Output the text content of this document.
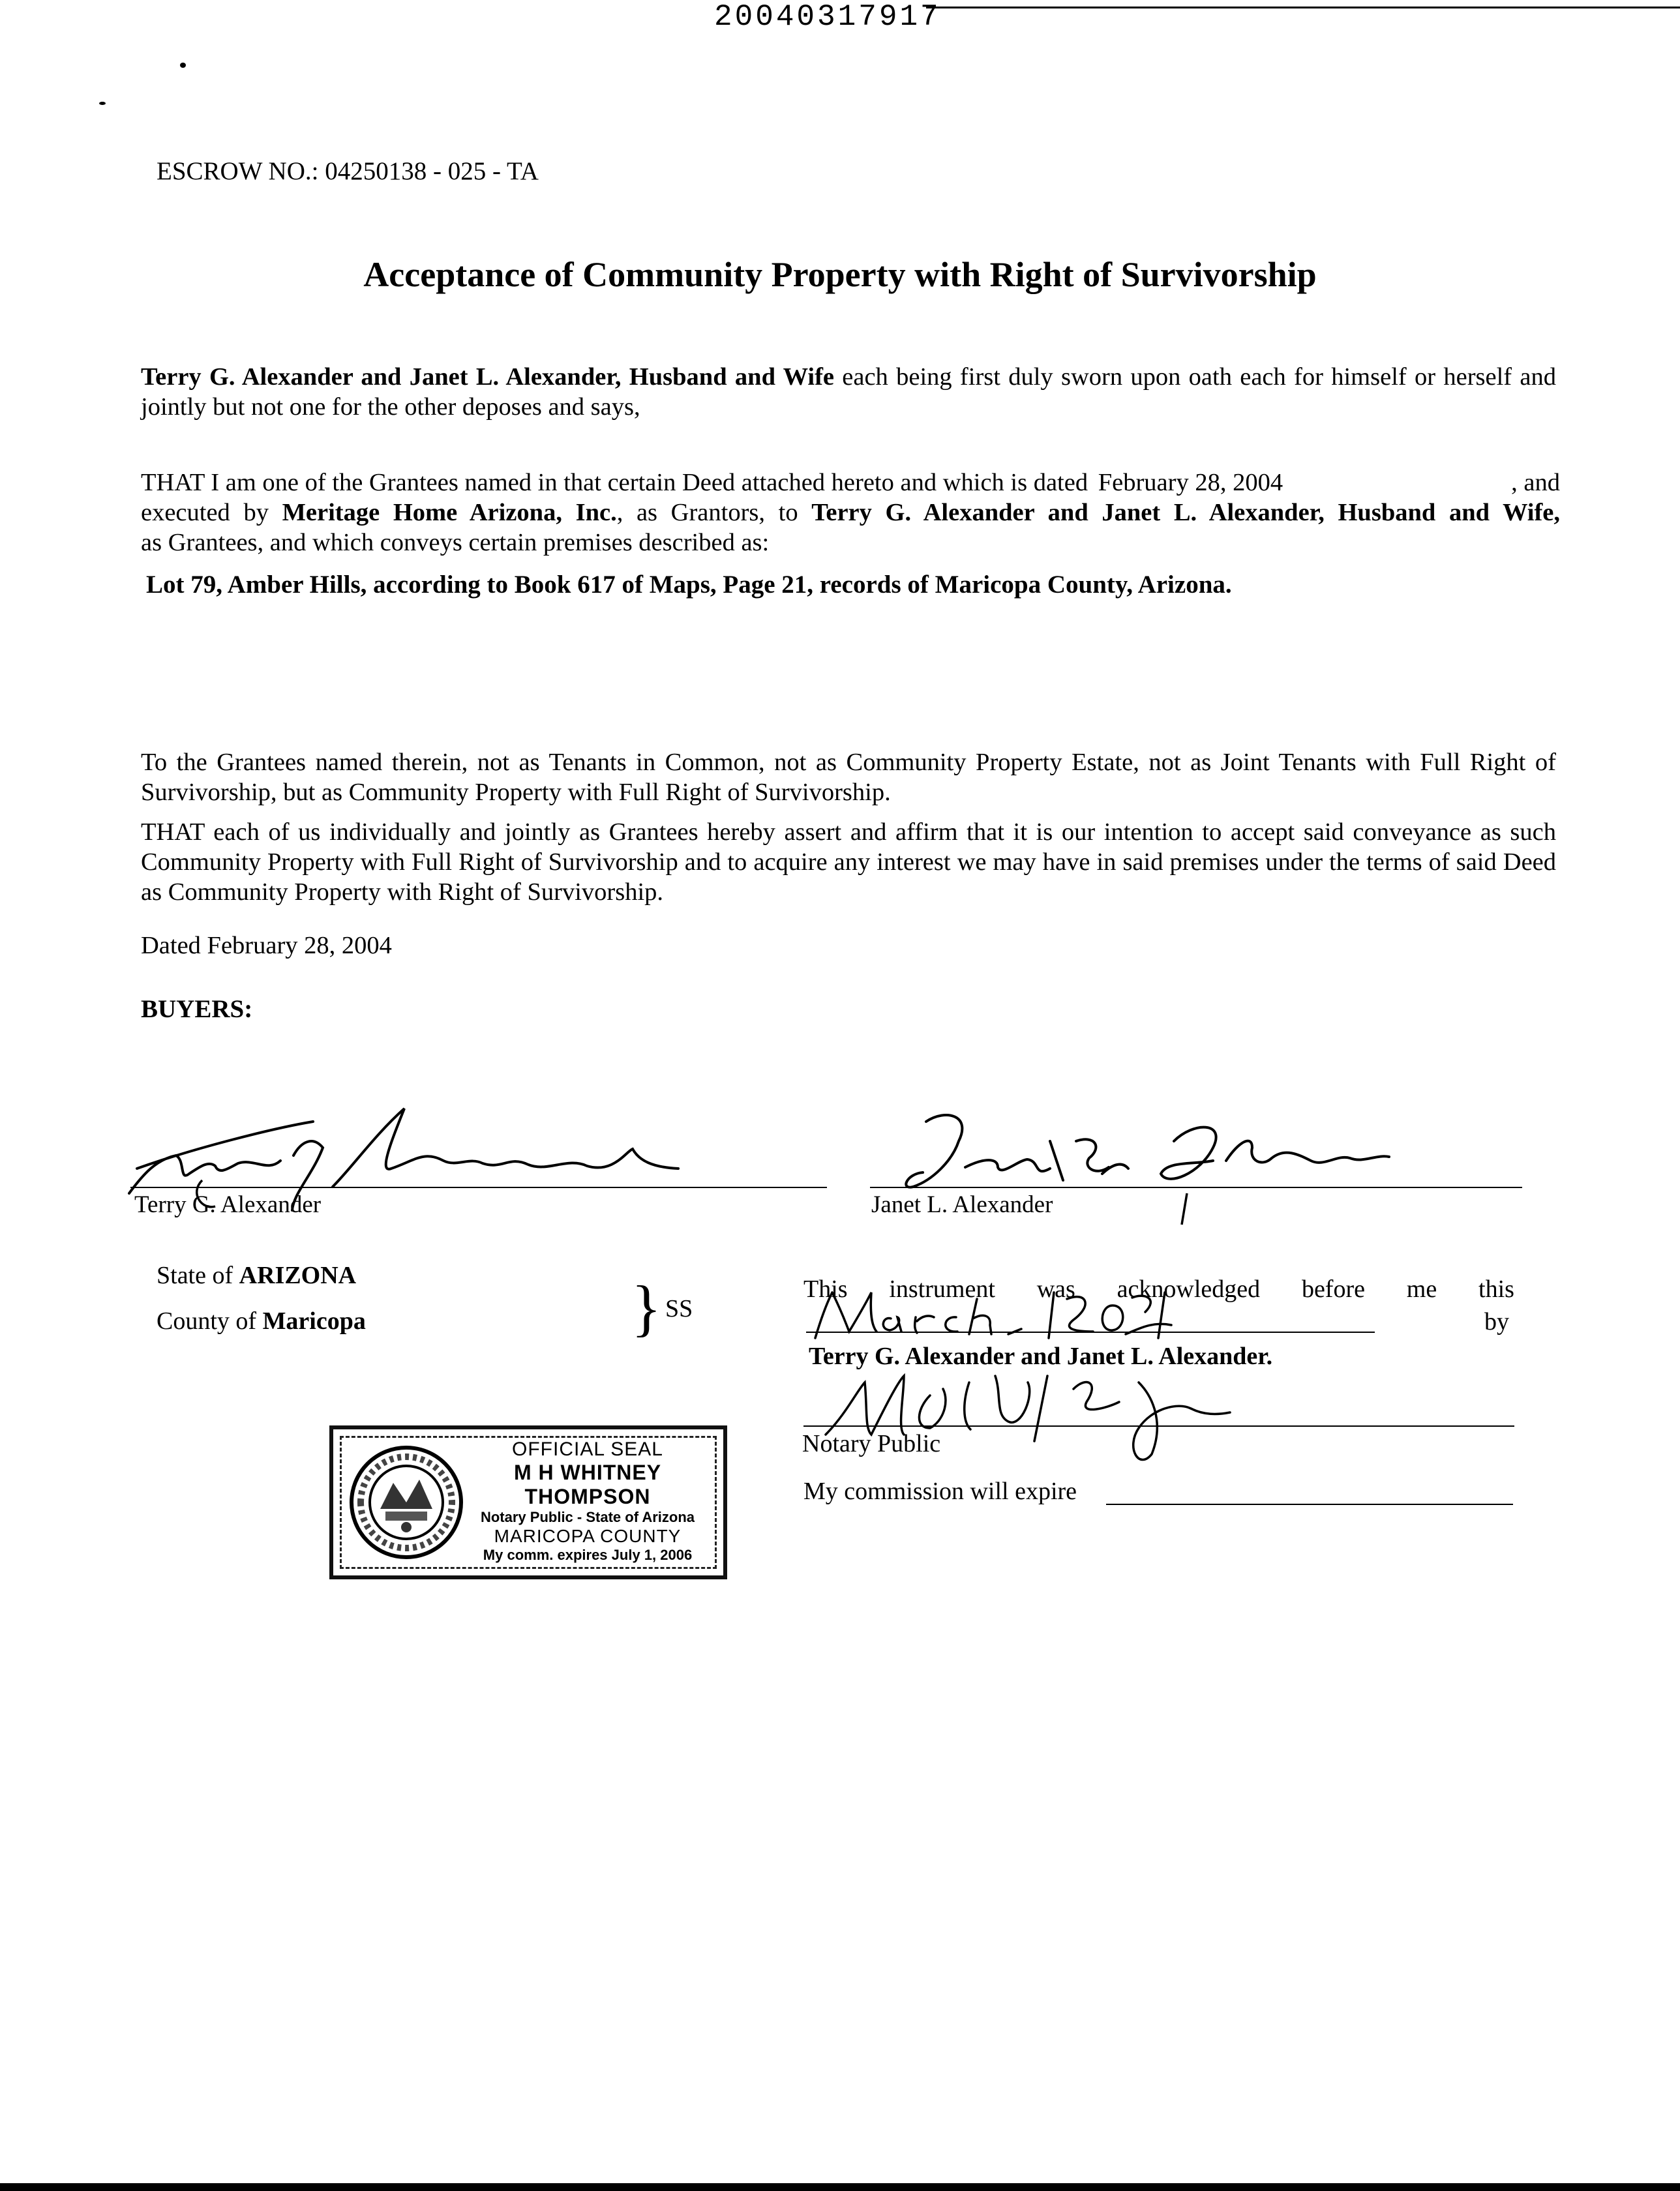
20040317917
ESCROW NO.: 04250138 - 025 - TA
Acceptance of Community Property with Right of Survivorship

Terry G. Alexander and Janet L. Alexander, Husband and Wife each being first duly sworn upon oath each for himself or herself and jointly but not one for the other deposes and says,

THAT I am one of the Grantees named in that certain Deed attached hereto and which is dated February 28, 2004	, and
executed by Meritage Home Arizona, Inc., as Grantors, to Terry G. Alexander and Janet L. Alexander, Husband and Wife,
as Grantees, and which conveys certain premises described as:
Lot 79, Amber Hills, according to Book 617 of Maps, Page 21, records of Maricopa County, Arizona.

To the Grantees named therein, not as Tenants in Common, not as Community Property Estate, not as Joint Tenants with Full Right of Survivorship, but as Community Property with Full Right of Survivorship.

THAT each of us individually and jointly as Grantees hereby assert and affirm that it is our intention to accept said conveyance as such Community Property with Full Right of Survivorship and to acquire any interest we may have in said premises under the terms of said Deed as Community Property with Right of Survivorship.

Dated February 28, 2004
BUYERS:
Terry G. Alexander	Janet L. Alexander
State of ARIZONA
County of Maricopa	} SS
This instrument was acknowledged before me this
by
Terry G. Alexander and Janet L. Alexander.
Notary Public
My commission will expire
OFFICIAL SEAL
M H WHITNEY THOMPSON
Notary Public - State of Arizona
MARICOPA COUNTY
My comm. expires July 1, 2006
